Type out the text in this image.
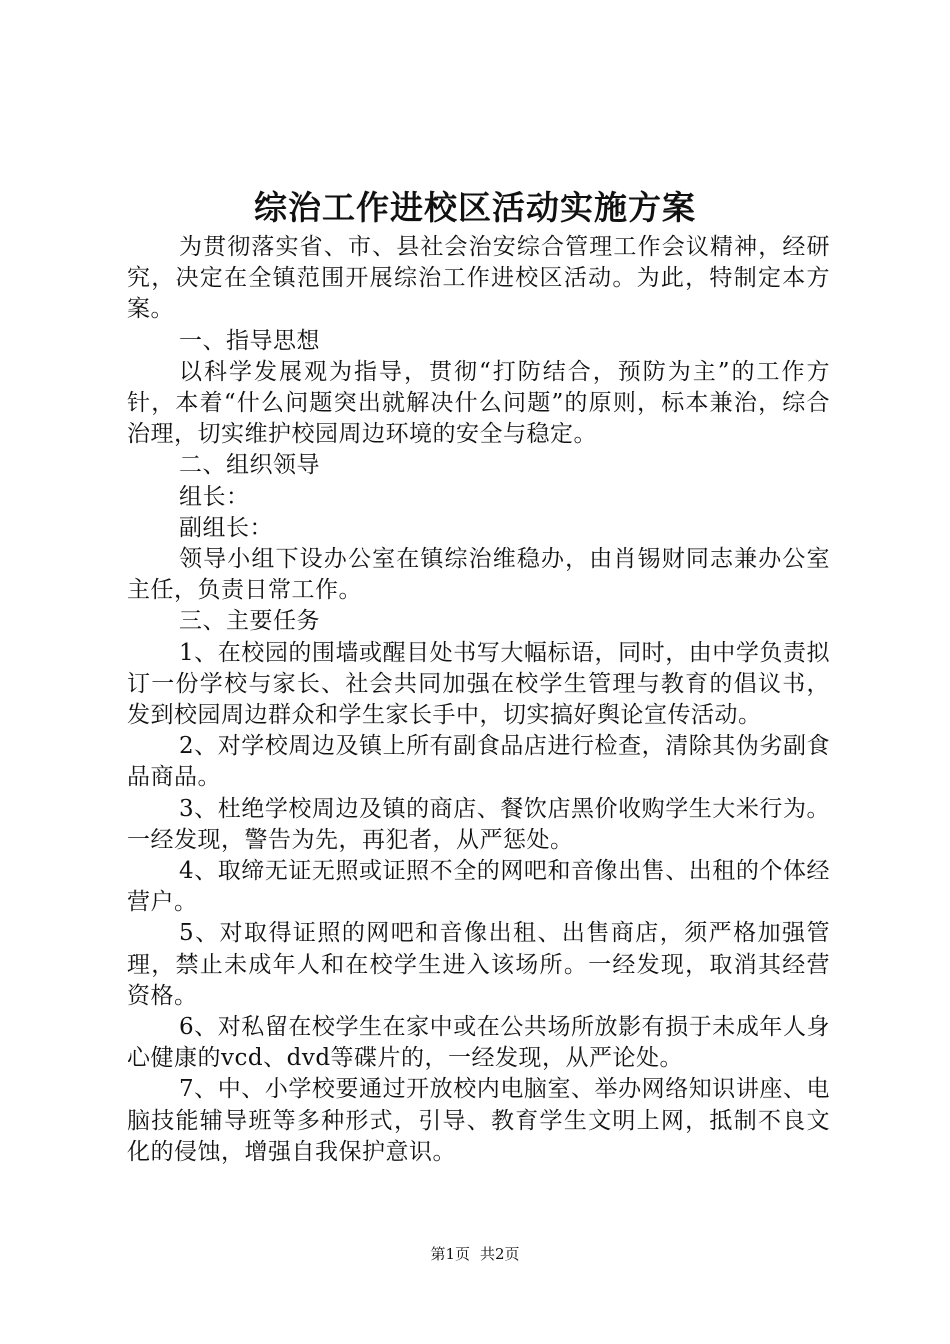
综治工作进校区活动实施方案

为贯彻落实省、市、县社会治安综合管理工作会议精神，经研究，决定在全镇范围开展综治工作进校区活动。为此，特制定本方案。

一、指导思想

以科学发展观为指导，贯彻“打防结合，预防为主”的工作方针，本着“什么问题突出就解决什么问题”的原则，标本兼治，综合治理，切实维护校园周边环境的安全与稳定。

二、组织领导

组长：

副组长：

领导小组下设办公室在镇综治维稳办，由肖锡财同志兼办公室主任，负责日常工作。

三、主要任务

1、在校园的围墙或醒目处书写大幅标语，同时，由中学负责拟订一份学校与家长、社会共同加强在校学生管理与教育的倡议书，发到校园周边群众和学生家长手中，切实搞好舆论宣传活动。

2、对学校周边及镇上所有副食品店进行检查，清除其伪劣副食品商品。

3、杜绝学校周边及镇的商店、餐饮店黑价收购学生大米行为。一经发现，警告为先，再犯者，从严惩处。

4、取缔无证无照或证照不全的网吧和音像出售、出租的个体经营户。

5、对取得证照的网吧和音像出租、出售商店，须严格加强管理，禁止未成年人和在校学生进入该场所。一经发现，取消其经营资格。

6、对私留在校学生在家中或在公共场所放影有损于未成年人身心健康的vcd、dvd等碟片的，一经发现，从严论处。

7、中、小学校要通过开放校内电脑室、举办网络知识讲座、电脑技能辅导班等多种形式，引导、教育学生文明上网，抵制不良文化的侵蚀，增强自我保护意识。

第1页 共2页
